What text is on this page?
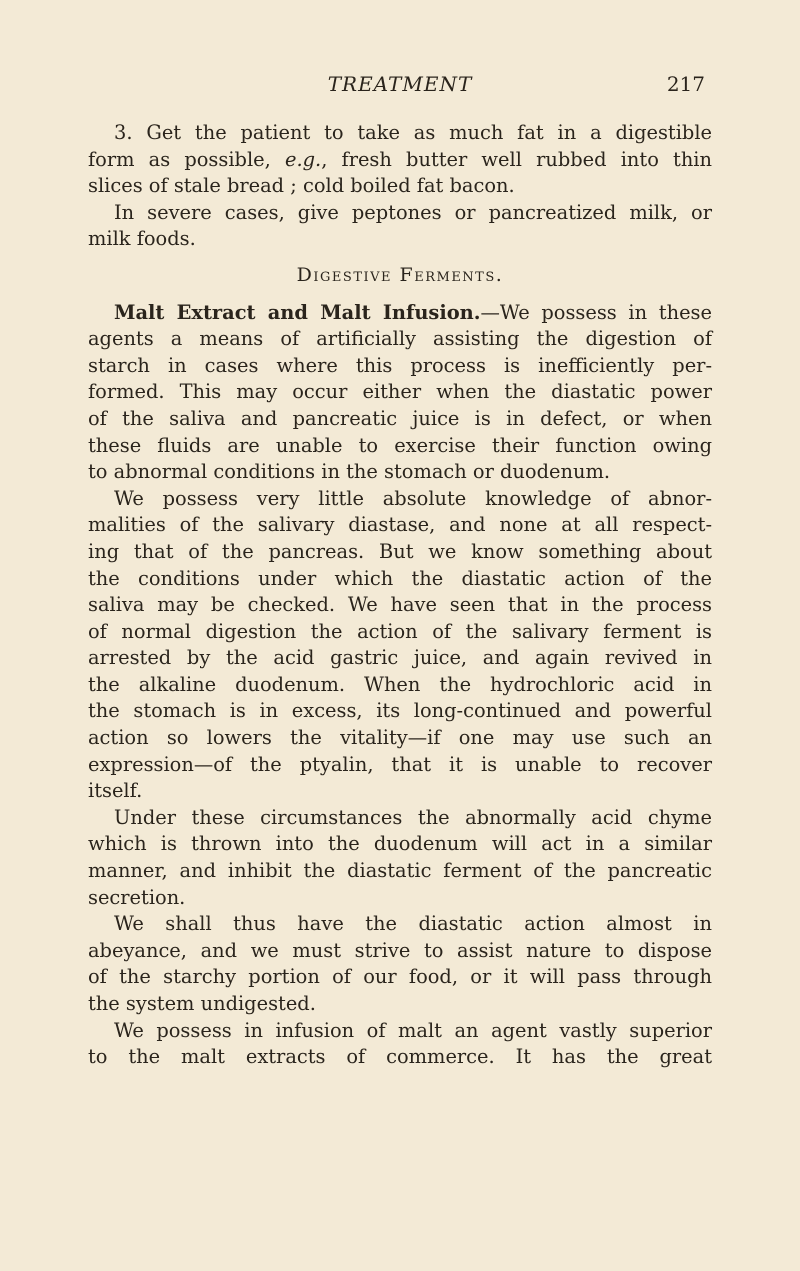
TREATMENT	217
3. Get the patient to take as much fat in a digestible
form as possible, e.g., fresh butter well rubbed into thin
slices of stale bread ; cold boiled fat bacon.
In severe cases, give peptones or pancreatized milk, or
milk foods.
Digestive Ferments.
Malt Extract and Malt Infusion.—We possess in these
agents a means of artificially assisting the digestion of
starch in cases where this process is inefficiently per-
formed. This may occur either when the diastatic power
of the saliva and pancreatic juice is in defect, or when
these fluids are unable to exercise their function owing
to abnormal conditions in the stomach or duodenum.
We possess very little absolute knowledge of abnor-
malities of the salivary diastase, and none at all respect-
ing that of the pancreas. But we know something about
the conditions under which the diastatic action of the
saliva may be checked. We have seen that in the process
of normal digestion the action of the salivary ferment is
arrested by the acid gastric juice, and again revived in
the alkaline duodenum. When the hydrochloric acid in
the stomach is in excess, its long-continued and powerful
action so lowers the vitality—if one may use such an
expression—of the ptyalin, that it is unable to recover
itself.
Under these circumstances the abnormally acid chyme
which is thrown into the duodenum will act in a similar
manner, and inhibit the diastatic ferment of the pancreatic
secretion.
We shall thus have the diastatic action almost in
abeyance, and we must strive to assist nature to dispose
of the starchy portion of our food, or it will pass through
the system undigested.
We possess in infusion of malt an agent vastly superior
to the malt extracts of commerce. It has the great
